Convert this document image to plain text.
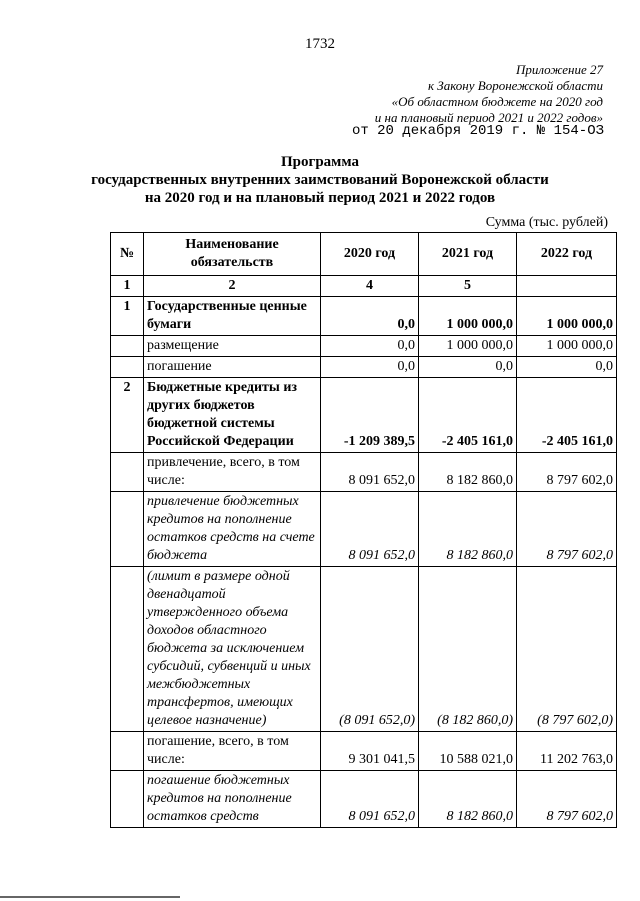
1732
Приложение 27
к Закону Воронежской области
«Об областном бюджете на 2020 год
и на плановый период 2021 и 2022 годов»
от 20 декабря 2019 г. № 154-ОЗ
Программа
государственных внутренних заимствований Воронежской области
на 2020 год и на плановый период 2021 и 2022 годов
Сумма (тыс. рублей)
№	Наименование обязательств	2020 год	2021 год	2022 год
1	2	4	5	
1	Государственные ценные бумаги	0,0	1 000 000,0	1 000 000,0
	размещение	0,0	1 000 000,0	1 000 000,0
	погашение	0,0	0,0	0,0
2	Бюджетные кредиты из других бюджетов бюджетной системы Российской Федерации	-1 209 389,5	-2 405 161,0	-2 405 161,0
	привлечение, всего, в том числе:	8 091 652,0	8 182 860,0	8 797 602,0
	привлечение бюджетных кредитов на пополнение остатков средств на счете бюджета	8 091 652,0	8 182 860,0	8 797 602,0
	(лимит в размере одной двенадцатой утвержденного объема доходов областного бюджета за исключением субсидий, субвенций и иных межбюджетных трансфертов, имеющих целевое назначение)	(8 091 652,0)	(8 182 860,0)	(8 797 602,0)
	погашение, всего, в том числе:	9 301 041,5	10 588 021,0	11 202 763,0
	погашение бюджетных кредитов на пополнение остатков средств	8 091 652,0	8 182 860,0	8 797 602,0
